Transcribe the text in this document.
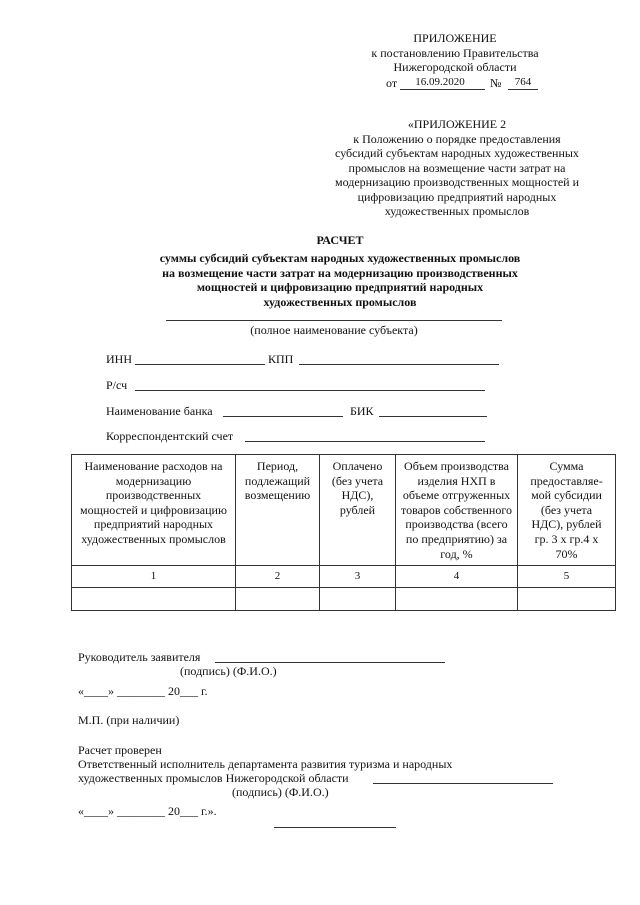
ПРИЛОЖЕНИЕ
к постановлению Правительства
Нижегородской области
от	16.09.2020	№	764
«ПРИЛОЖЕНИЕ 2
к Положению о порядке предоставления
субсидий субъектам народных художественных
промыслов на возмещение части затрат на
модернизацию производственных мощностей и
цифровизацию предприятий народных
художественных промыслов
РАСЧЕТ
суммы субсидий субъектам народных художественных промыслов
на возмещение части затрат на модернизацию производственных
мощностей и цифровизацию предприятий народных
художественных промыслов
(полное наименование субъекта)
ИНН	КПП
Р/сч
Наименование банка	БИК
Корреспондентский счет
Наименование расходов на модернизацию производственных мощностей и цифровизацию предприятий народных художественных промыслов	Период, подлежащий возмещению	Оплачено (без учета НДС), рублей	Объем производства изделия НХП в объеме отгруженных товаров собственного производства (всего по предприятию) за год, %	Сумма предоставляе-мой субсидии (без учета НДС), рублей гр. 3 x гр.4 x 70%
1	2	3	4	5

Руководитель заявителя
(подпись) (Ф.И.О.)
«____» ________ 20___ г.
М.П. (при наличии)
Расчет проверен
Ответственный исполнитель департамента развития туризма и народных
художественных промыслов Нижегородской области
(подпись) (Ф.И.О.)
«____» ________ 20___ г.».
